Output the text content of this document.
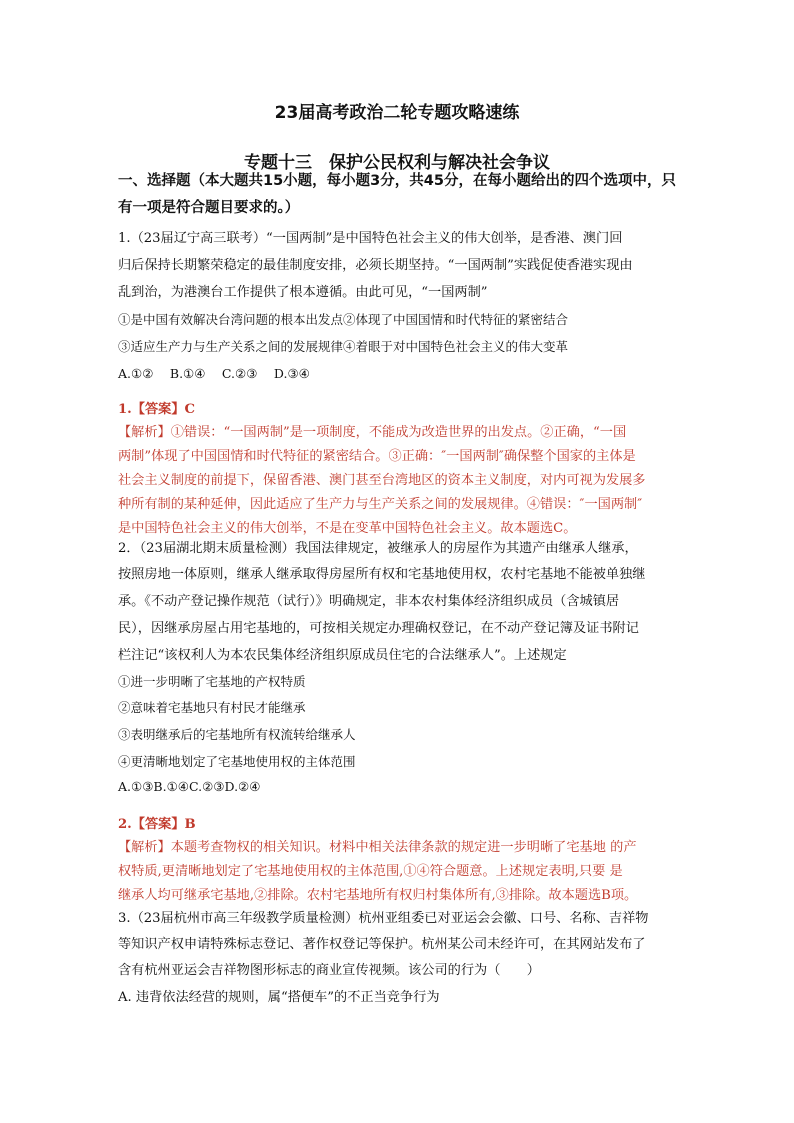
23届高考政治二轮专题攻略速练
专题十三　保护公民权利与解决社会争议
一、选择题（本大题共15小题，每小题3分，共45分，在每小题给出的四个选项中，只
有一项是符合题目要求的。）
1.（23届辽宁高三联考）“一国两制”是中国特色社会主义的伟大创举，是香港、澳门回
归后保持长期繁荣稳定的最佳制度安排，必须长期坚持。“一国两制”实践促使香港实现由
乱到治，为港澳台工作提供了根本遵循。由此可见，“一国两制”
①是中国有效解决台湾问题的根本出发点②体现了中国国情和时代特征的紧密结合
③适应生产力与生产关系之间的发展规律④着眼于对中国特色社会主义的伟大变革
A.①②　 B.①④　 C.②③　 D.③④
1.【答案】C
【解析】①错误：“一国两制”是一项制度，不能成为改造世界的出发点。②正确，“一国
两制”体现了中国国情和时代特征的紧密结合。③正确：″一国两制″确保整个国家的主体是
社会主义制度的前提下，保留香港、澳门甚至台湾地区的资本主义制度，对内可视为发展多
种所有制的某种延伸，因此适应了生产力与生产关系之间的发展规律。④错误：″一国两制″
是中国特色社会主义的伟大创举，不是在变革中国特色社会主义。故本题选C。
2．（23届湖北期末质量检测）我国法律规定，被继承人的房屋作为其遗产由继承人继承，
按照房地一体原则，继承人继承取得房屋所有权和宅基地使用权，农村宅基地不能被单独继
承。《不动产登记操作规范（试行）》明确规定，非本农村集体经济组织成员（含城镇居
民），因继承房屋占用宅基地的，可按相关规定办理确权登记，在不动产登记簿及证书附记
栏注记“该权利人为本农民集体经济组织原成员住宅的合法继承人”。上述规定
①进一步明晰了宅基地的产权特质
②意味着宅基地只有村民才能继承
③表明继承后的宅基地所有权流转给继承人
④更清晰地划定了宅基地使用权的主体范围
A.①③B.①④C.②③D.②④
2.【答案】B
【解析】本题考查物权的相关知识。材料中相关法律条款的规定进一步明晰了宅基地 的产
权特质,更清晰地划定了宅基地使用权的主体范围,①④符合题意。上述规定表明,只要 是
继承人均可继承宅基地,②排除。农村宅基地所有权归村集体所有,③排除。故本题选B项。
3.（23届杭州市高三年级教学质量检测）杭州亚组委已对亚运会会徽、口号、名称、吉祥物
等知识产权申请特殊标志登记、著作权登记等保护。杭州某公司未经许可，在其网站发布了
含有杭州亚运会吉祥物图形标志的商业宣传视频。该公司的行为（　　）
A. 违背依法经营的规则，属“搭便车”的不正当竞争行为
